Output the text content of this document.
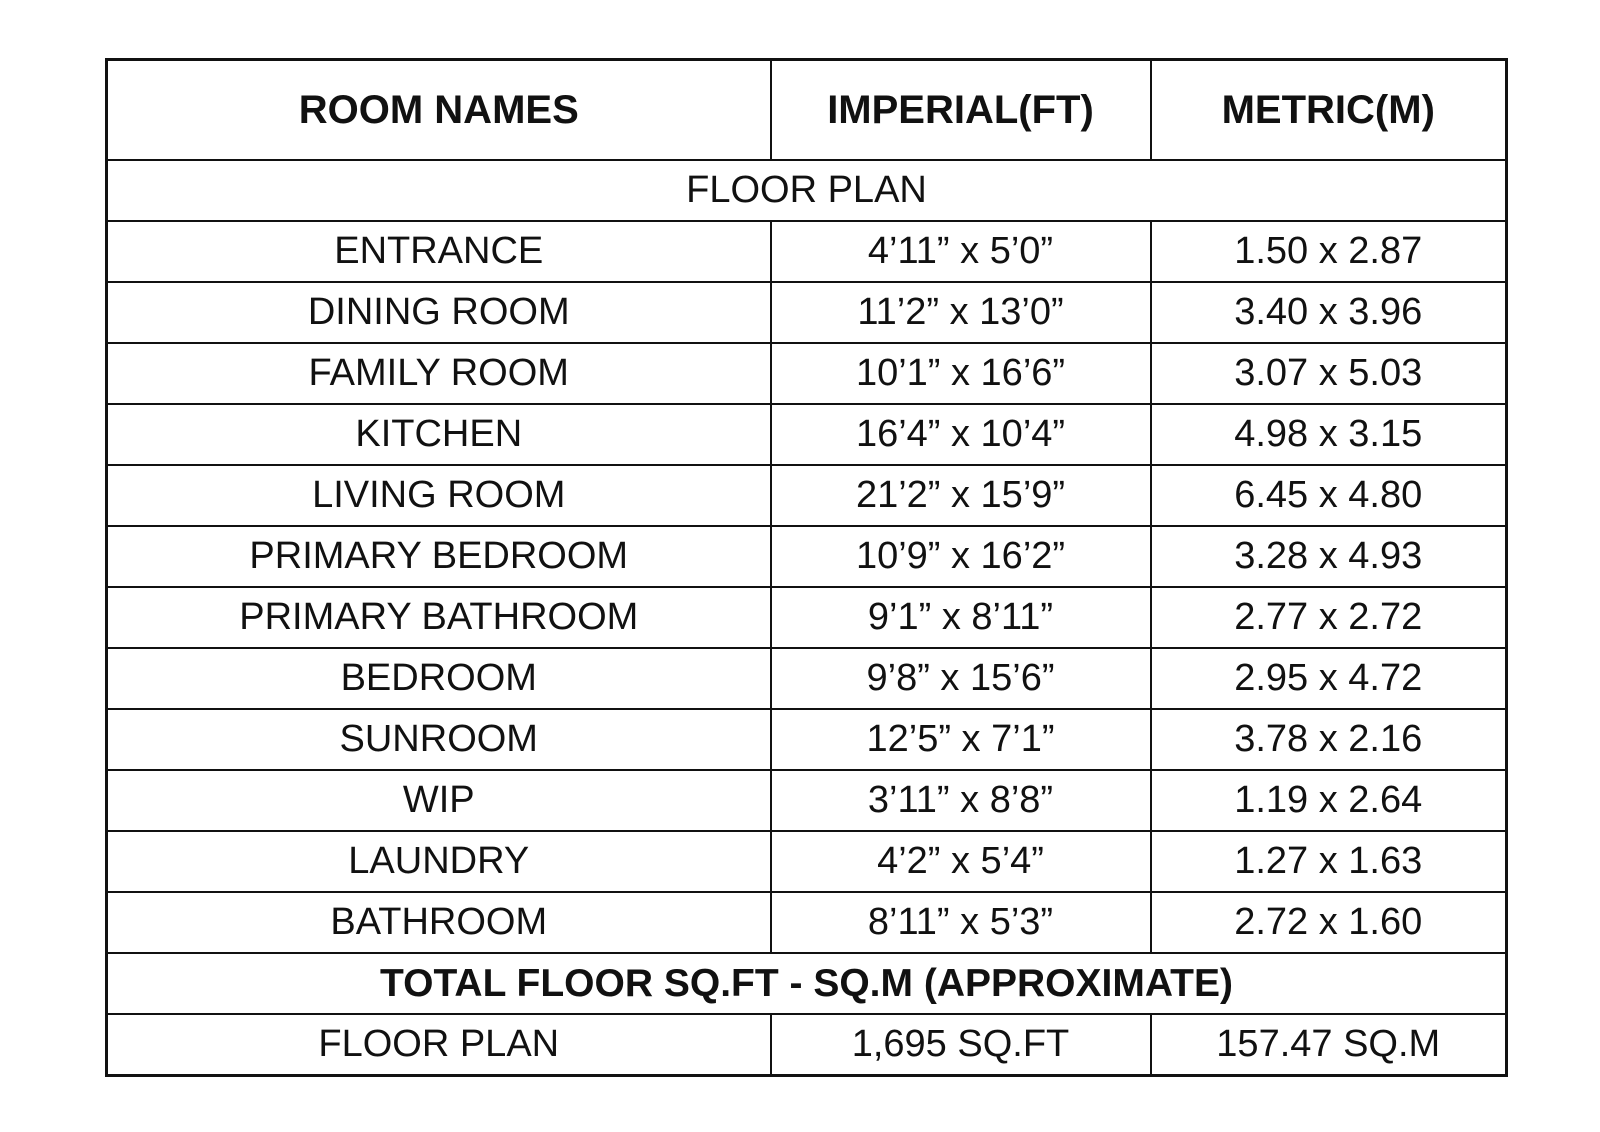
ROOM NAMES	IMPERIAL(FT)	METRIC(M)
FLOOR PLAN		
ENTRANCE	4’11” x 5’0”	1.50 x 2.87
DINING ROOM	11’2” x 13’0”	3.40 x 3.96
FAMILY ROOM	10’1” x 16’6”	3.07 x 5.03
KITCHEN	16’4” x 10’4”	4.98 x 3.15
LIVING ROOM	21’2” x 15’9”	6.45 x 4.80
PRIMARY BEDROOM	10’9” x 16’2”	3.28 x 4.93
PRIMARY BATHROOM	9’1” x 8’11”	2.77 x 2.72
BEDROOM	9’8” x 15’6”	2.95 x 4.72
SUNROOM	12’5” x 7’1”	3.78 x 2.16
WIP	3’11” x 8’8”	1.19 x 2.64
LAUNDRY	4’2” x 5’4”	1.27 x 1.63
BATHROOM	8’11” x 5’3”	2.72 x 1.60
TOTAL FLOOR SQ.FT - SQ.M (APPROXIMATE)		
FLOOR PLAN	1,695 SQ.FT	157.47 SQ.M
